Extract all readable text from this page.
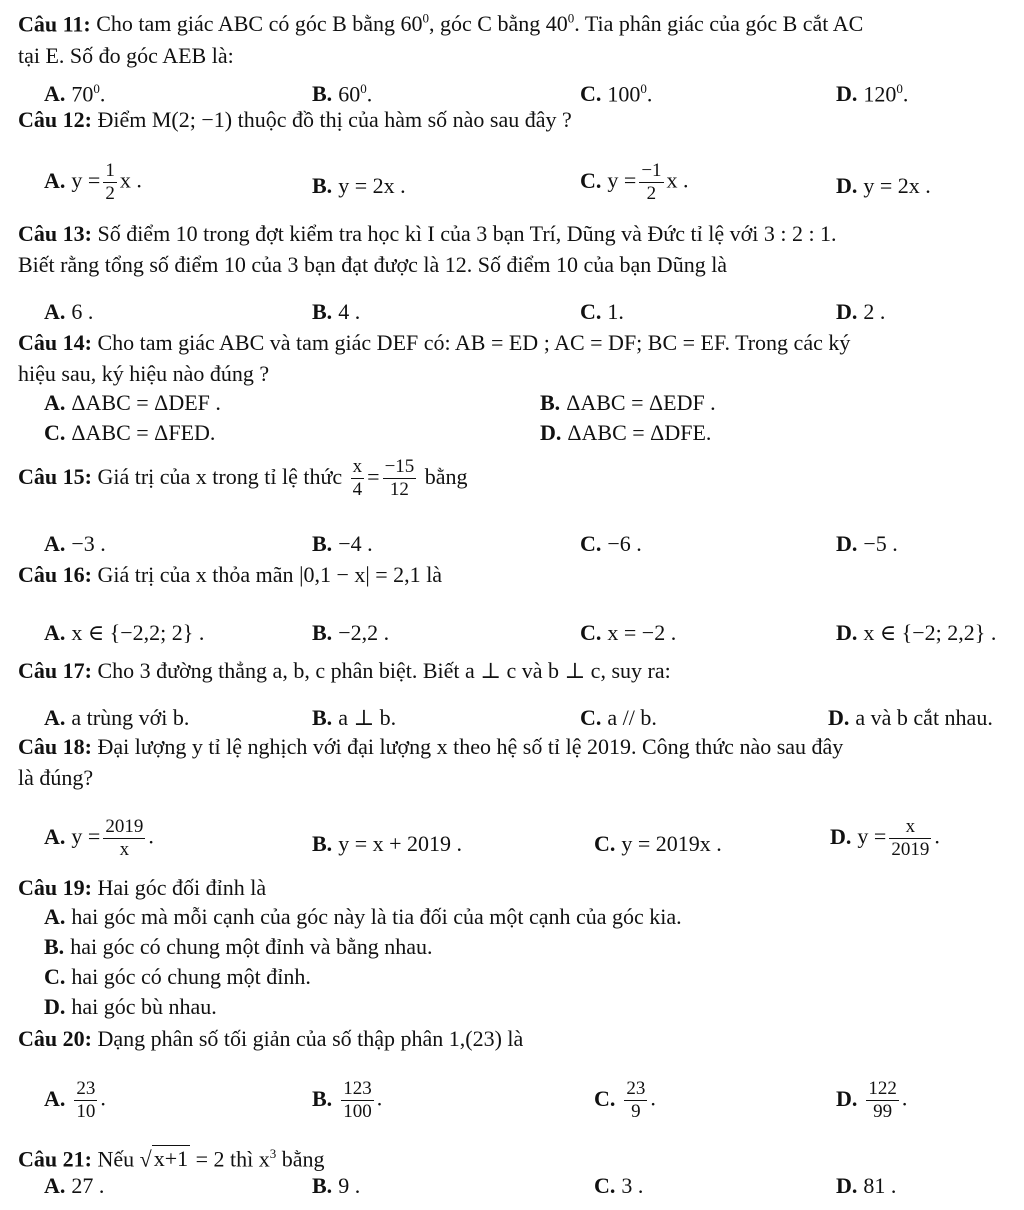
Câu 11: Cho tam giác ABC có góc B bằng $60^0$, góc C bằng $40^0$. Tia phân giác của góc B cắt AC
tại E. Số đo góc AEB là:
A. $70^0$.	B. $60^0$.	C. $100^0$.	D. $120^0$.
Câu 12: Điểm M(2; −1) thuộc đồ thị của hàm số nào sau đây ?
A. $y = \frac{1}{2}$ x .	B. y = 2x .	C. $y = \frac{-1}{2}$ x .	D. y = 2x .
Câu 13: Số điểm 10 trong đợt kiểm tra học kì I của 3 bạn Trí, Dũng và Đức tỉ lệ với 3 : 2 : 1.
Biết rằng tổng số điểm 10 của 3 bạn đạt được là 12. Số điểm 10 của bạn Dũng là
A. 6 .	B. 4 .	C. 1.	D. 2 .
Câu 14: Cho tam giác ABC và tam giác DEF có: AB = ED ; AC = DF; BC = EF. Trong các ký
hiệu sau, ký hiệu nào đúng ?
A. ΔABC = ΔDEF .	B. ΔABC = ΔEDF .
C. ΔABC = ΔFED.	D. ΔABC = ΔDFE.
Câu 15: Giá trị của x trong tỉ lệ thức $\frac{x}{4} = \frac{-15}{12}$ bằng
A. −3 .	B. −4 .	C. −6 .	D. −5 .
Câu 16: Giá trị của x thỏa mãn |0,1 − x| = 2,1 là
A. x ∈ {−2,2; 2} .	B. −2,2 .	C. x = −2 .	D. x ∈ {−2; 2,2} .
Câu 17: Cho 3 đường thẳng a, b, c phân biệt. Biết a ⊥ c và b ⊥ c, suy ra:
A. a trùng với b.	B. a ⊥ b.	C. a // b.	D. a và b cắt nhau.
Câu 18: Đại lượng y tỉ lệ nghịch với đại lượng x theo hệ số tỉ lệ 2019. Công thức nào sau đây
là đúng?
A. $y = \frac{2019}{x}$ .	B. y = x + 2019 .	C. y = 2019x .	D. $y = \frac{x}{2019}$ .
Câu 19: Hai góc đối đỉnh là
A. hai góc mà mỗi cạnh của góc này là tia đối của một cạnh của góc kia.
B. hai góc có chung một đỉnh và bằng nhau.
C. hai góc có chung một đỉnh.
D. hai góc bù nhau.
Câu 20: Dạng phân số tối giản của số thập phân 1,(23) là
A. $\frac{23}{10}$ .	B. $\frac{123}{100}$ .	C. $\frac{23}{9}$ .	D. $\frac{122}{99}$ .
Câu 21: Nếu √x+1 = 2 thì $x^3$ bằng
A. 27 .	B. 9 .	C. 3 .	D. 81 .
